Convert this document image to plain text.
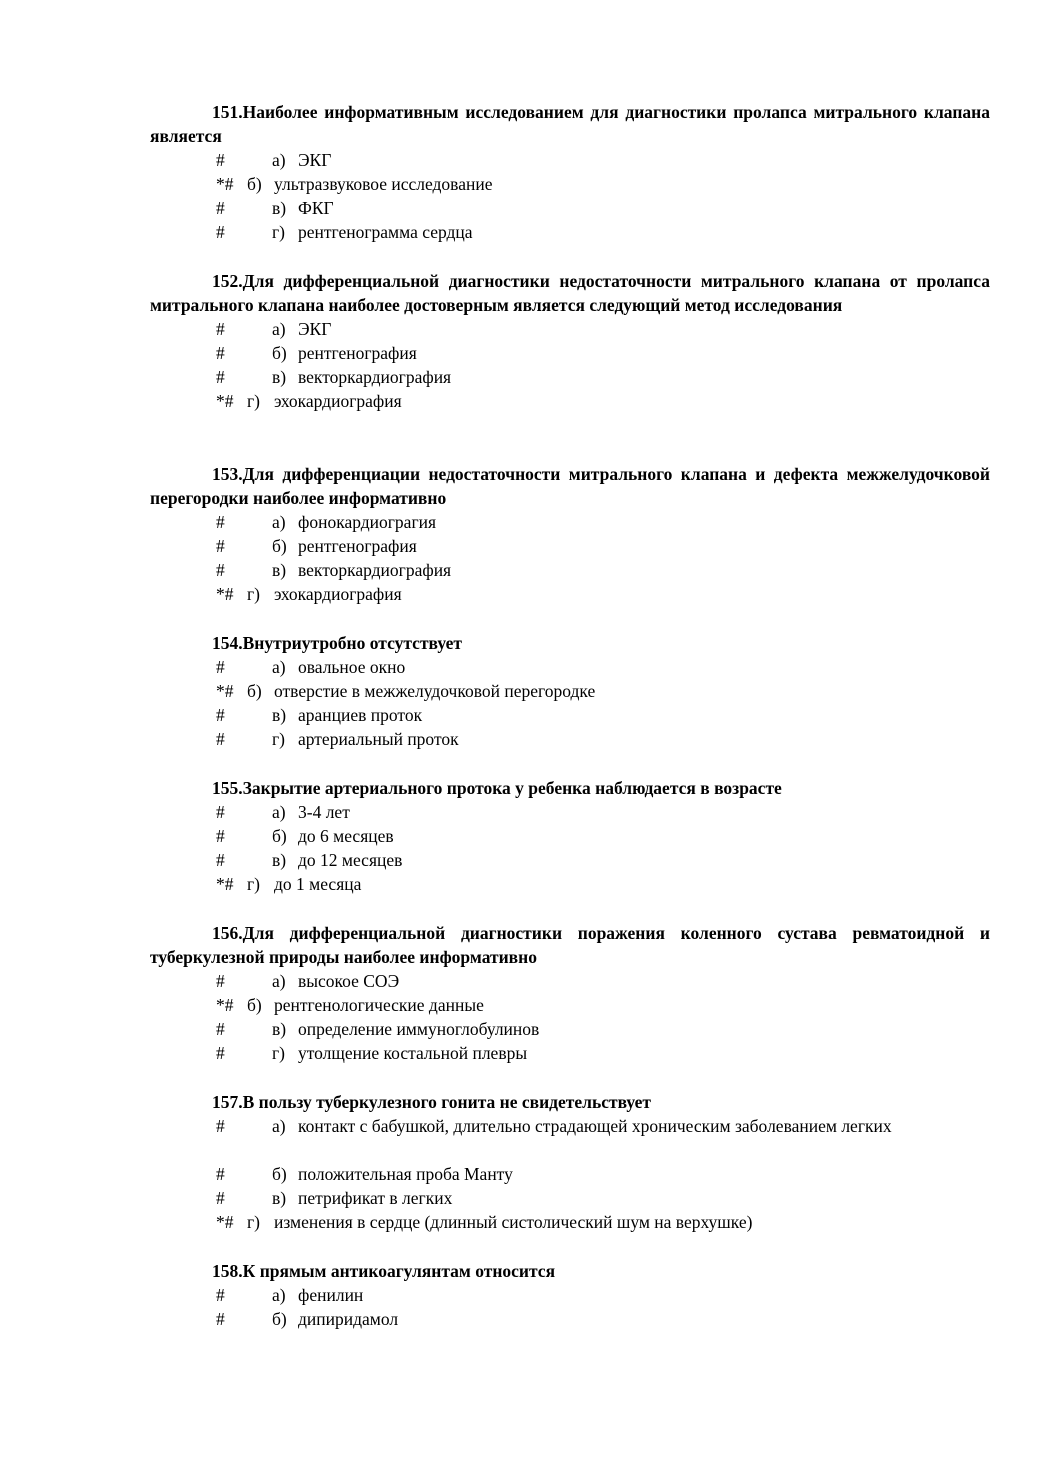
151.Наиболее информативным исследованием для диагностики пролапса митрального клапана является

#	а) ЭКГ
*# б) ультразвуковое исследование
#	в) ФКГ
#	г) рентгенограмма сердца

152.Для дифференциальной диагностики недостаточности митрального клапана от пролапса митрального клапана наиболее достоверным является следующий метод исследования

#	а) ЭКГ
#	б) рентгенография
#	в) векторкардиография
*# г) эхокардиография

153.Для дифференциации недостаточности митрального клапана и дефекта межжелудочковой перегородки наиболее информативно

#	а) фонокардиограгия
#	б) рентгенография
#	в) векторкардиография
*# г) эхокардиография

154.Внутриутробно отсутствует

#	а) овальное окно
*# б) отверстие в межжелудочковой перегородке
#	в) аранциев проток
#	г) артериальный проток

155.Закрытие артериального протока у ребенка наблюдается в возрасте

#	а) 3-4 лет
#	б) до 6 месяцев
#	в) до 12 месяцев
*# г) до 1 месяца

156.Для дифференциальной диагностики поражения коленного сустава ревматоидной и туберкулезной природы наиболее информативно

#	а) высокое СОЭ
*# б) рентгенологические данные
#	в) определение иммуноглобулинов
#	г) утолщение костальной плевры

157.В пользу туберкулезного гонита не свидетельствует

#	а) контакт с бабушкой, длительно страдающей хроническим заболеванием легких
#	б) положительная проба Манту
#	в) петрификат в легких
*# г) изменения в сердце (длинный систолический шум на верхушке)

158.К прямым антикоагулянтам относится

#	а) фенилин
#	б) дипиридамол
